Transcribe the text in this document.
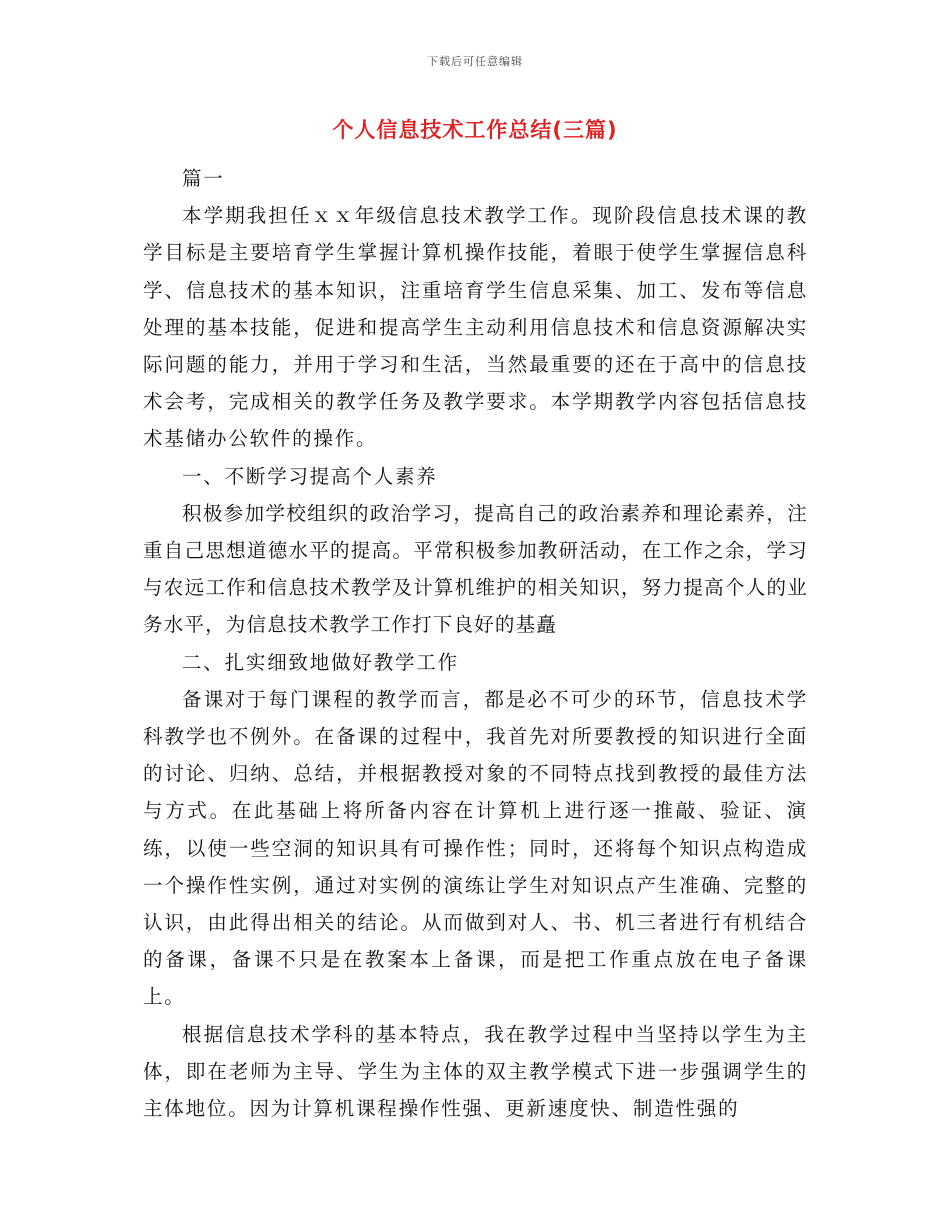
下载后可任意编辑
个人信息技术工作总结(三篇)

篇一

本学期我担任ｘｘ年级信息技术教学工作。现阶段信息技术课的教学目标是主要培育学生掌握计算机操作技能，着眼于使学生掌握信息科学、信息技术的基本知识，注重培育学生信息采集、加工、发布等信息处理的基本技能，促进和提高学生主动利用信息技术和信息资源解决实际问题的能力，并用于学习和生活，当然最重要的还在于高中的信息技术会考，完成相关的教学任务及教学要求。本学期教学内容包括信息技术基储办公软件的操作。

一、不断学习提高个人素养

积极参加学校组织的政治学习，提高自己的政治素养和理论素养，注重自己思想道德水平的提高。平常积极参加教研活动，在工作之余，学习与农远工作和信息技术教学及计算机维护的相关知识，努力提高个人的业务水平，为信息技术教学工作打下良好的基矗

二、扎实细致地做好教学工作

备课对于每门课程的教学而言，都是必不可少的环节，信息技术学科教学也不例外。在备课的过程中，我首先对所要教授的知识进行全面的讨论、归纳、总结，并根据教授对象的不同特点找到教授的最佳方法与方式。在此基础上将所备内容在计算机上进行逐一推敲、验证、演练，以使一些空洞的知识具有可操作性；同时，还将每个知识点构造成一个操作性实例，通过对实例的演练让学生对知识点产生准确、完整的认识，由此得出相关的结论。从而做到对人、书、机三者进行有机结合的备课，备课不只是在教案本上备课，而是把工作重点放在电子备课上。

根据信息技术学科的基本特点，我在教学过程中当坚持以学生为主体，即在老师为主导、学生为主体的双主教学模式下进一步强调学生的主体地位。因为计算机课程操作性强、更新速度快、制造性强的
